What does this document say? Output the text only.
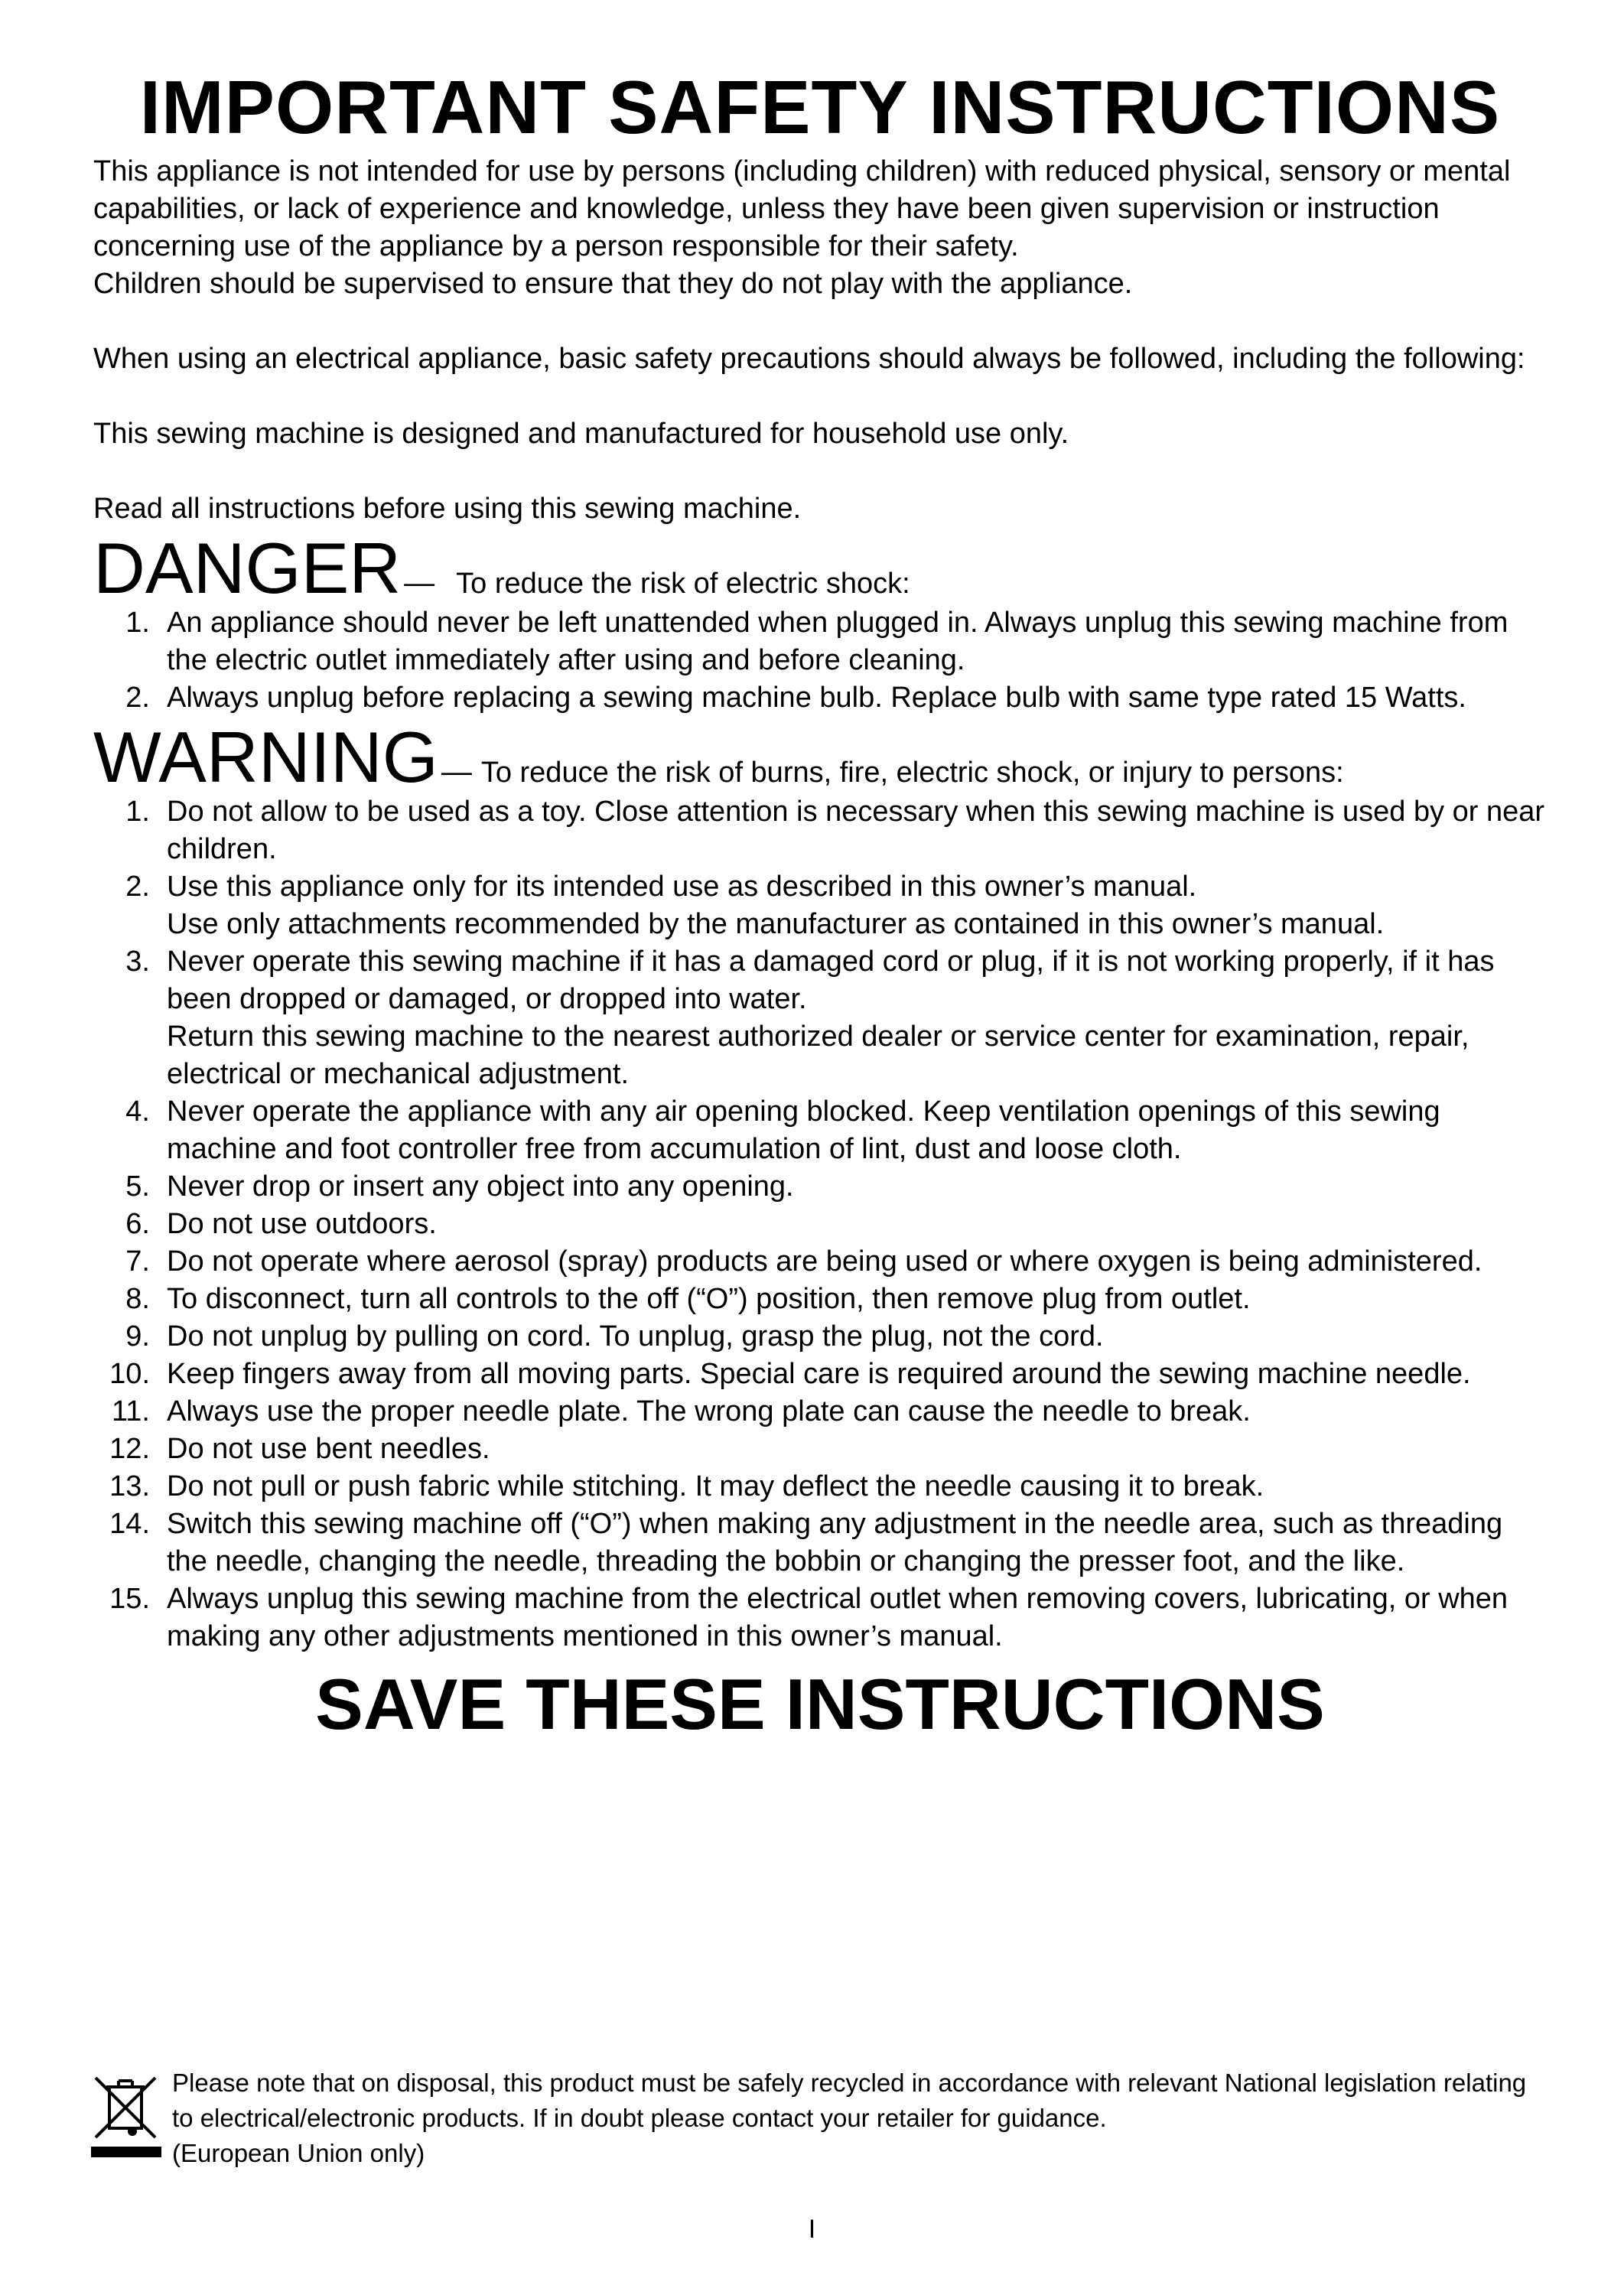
IMPORTANT SAFETY INSTRUCTIONS

This appliance is not intended for use by persons (including children) with reduced physical, sensory or mental capabilities, or lack of experience and knowledge, unless they have been given supervision or instruction concerning use of the appliance by a person responsible for their safety.

Children should be supervised to ensure that they do not play with the appliance.

When using an electrical appliance, basic safety precautions should always be followed, including the following:

This sewing machine is designed and manufactured for household use only.

Read all instructions before using this sewing machine.

DANGER — To reduce the risk of electric shock:
1. An appliance should never be left unattended when plugged in. Always unplug this sewing machine from the electric outlet immediately after using and before cleaning.
2. Always unplug before replacing a sewing machine bulb. Replace bulb with same type rated 15 Watts.
WARNING — To reduce the risk of burns, fire, electric shock, or injury to persons:
1. Do not allow to be used as a toy. Close attention is necessary when this sewing machine is used by or near children.
2. Use this appliance only for its intended use as described in this owner’s manual.
Use only attachments recommended by the manufacturer as contained in this owner’s manual.
3. Never operate this sewing machine if it has a damaged cord or plug, if it is not working properly, if it has been dropped or damaged, or dropped into water.
Return this sewing machine to the nearest authorized dealer or service center for examination, repair, electrical or mechanical adjustment.
4. Never operate the appliance with any air opening blocked. Keep ventilation openings of this sewing machine and foot controller free from accumulation of lint, dust and loose cloth.
5. Never drop or insert any object into any opening.
6. Do not use outdoors.
7. Do not operate where aerosol (spray) products are being used or where oxygen is being administered.
8. To disconnect, turn all controls to the off (“O”) position, then remove plug from outlet.
9. Do not unplug by pulling on cord. To unplug, grasp the plug, not the cord.
10. Keep fingers away from all moving parts. Special care is required around the sewing machine needle.
11. Always use the proper needle plate. The wrong plate can cause the needle to break.
12. Do not use bent needles.
13. Do not pull or push fabric while stitching. It may deflect the needle causing it to break.
14. Switch this sewing machine off (“O”) when making any adjustment in the needle area, such as threading the needle, changing the needle, threading the bobbin or changing the presser foot, and the like.
15. Always unplug this sewing machine from the electrical outlet when removing covers, lubricating, or when making any other adjustments mentioned in this owner’s manual.
SAVE THESE INSTRUCTIONS
Please note that on disposal, this product must be safely recycled in accordance with relevant National legislation relating to electrical/electronic products. If in doubt please contact your retailer for guidance.
(European Union only)
I
